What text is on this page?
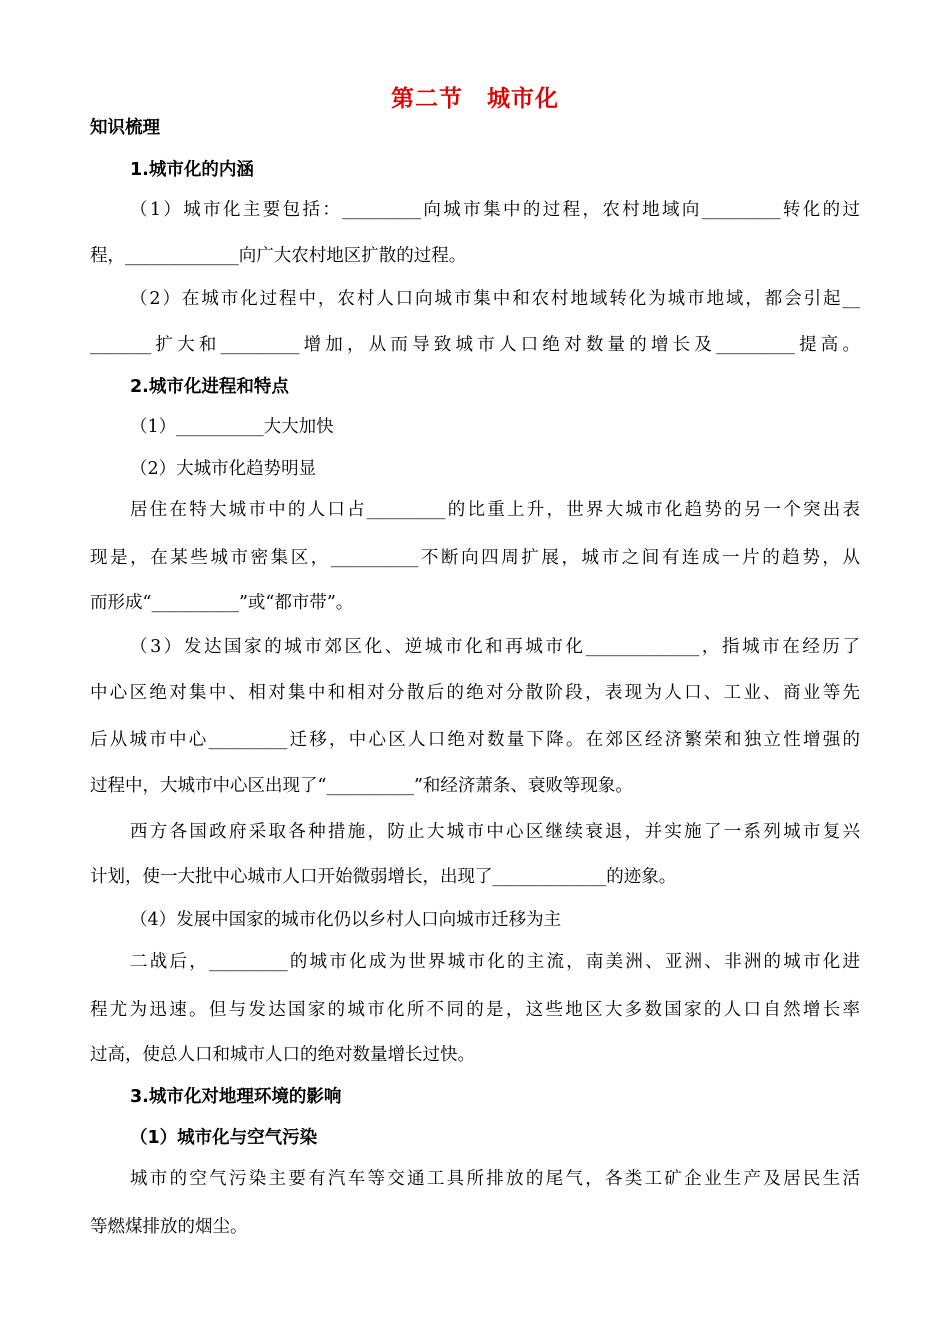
第二节　城市化
知识梳理
1.城市化的内涵
（1）城市化主要包括：_________向城市集中的过程，农村地域向_________转化的过
程，_____________向广大农村地区扩散的过程。
（2）在城市化过程中，农村人口向城市集中和农村地域转化为城市地域，都会引起__
_______扩大和_________增加，从而导致城市人口绝对数量的增长及_________提高。
2.城市化进程和特点
（1）__________大大加快
（2）大城市化趋势明显
居住在特大城市中的人口占_________的比重上升，世界大城市化趋势的另一个突出表
现是，在某些城市密集区，__________不断向四周扩展，城市之间有连成一片的趋势，从
而形成“__________”或“都市带”。
（3）发达国家的城市郊区化、逆城市化和再城市化_____________，指城市在经历了
中心区绝对集中、相对集中和相对分散后的绝对分散阶段，表现为人口、工业、商业等先
后从城市中心_________迁移，中心区人口绝对数量下降。在郊区经济繁荣和独立性增强的
过程中，大城市中心区出现了“__________”和经济萧条、衰败等现象。
西方各国政府采取各种措施，防止大城市中心区继续衰退，并实施了一系列城市复兴
计划，使一大批中心城市人口开始微弱增长，出现了_____________的迹象。
（4）发展中国家的城市化仍以乡村人口向城市迁移为主
二战后，_________的城市化成为世界城市化的主流，南美洲、亚洲、非洲的城市化进
程尤为迅速。但与发达国家的城市化所不同的是，这些地区大多数国家的人口自然增长率
过高，使总人口和城市人口的绝对数量增长过快。
3.城市化对地理环境的影响
（1）城市化与空气污染
城市的空气污染主要有汽车等交通工具所排放的尾气，各类工矿企业生产及居民生活
等燃煤排放的烟尘。
